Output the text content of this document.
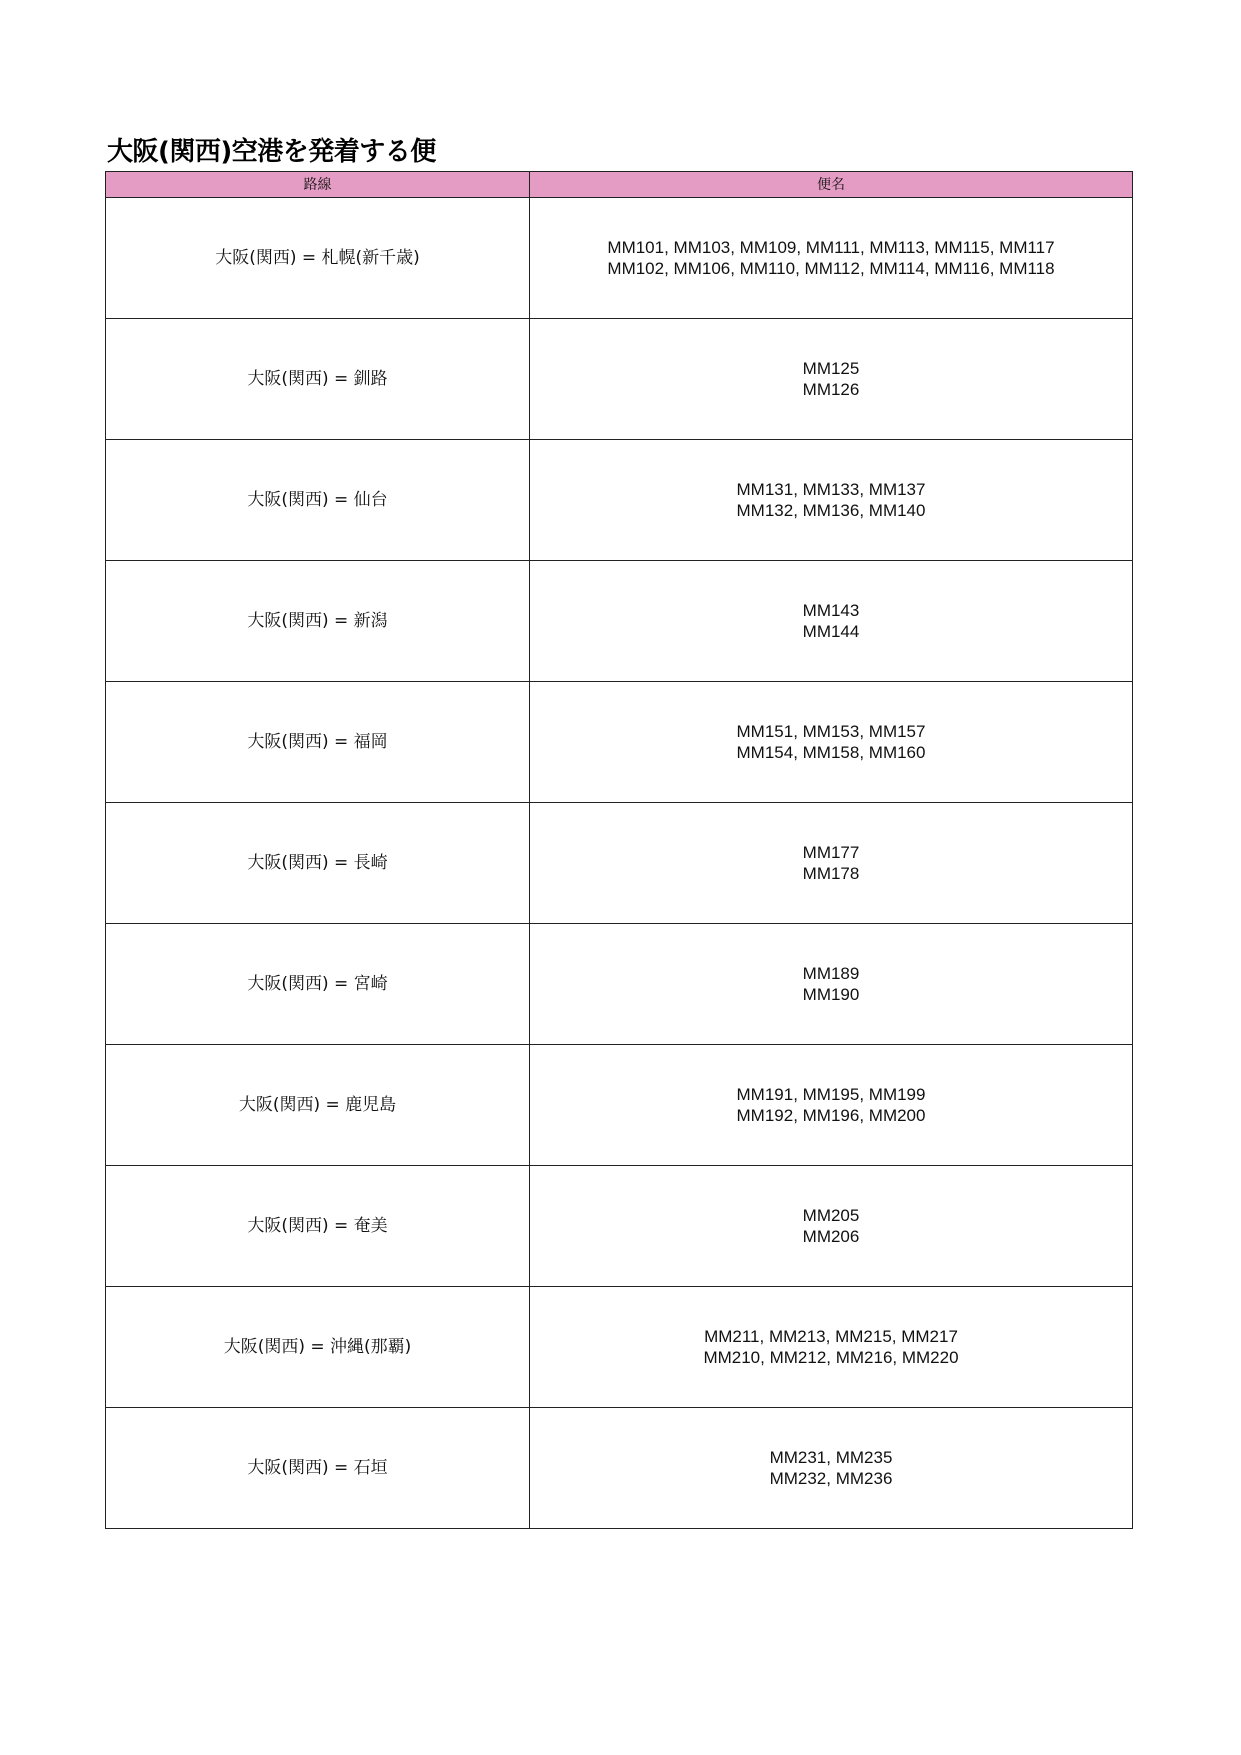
大阪(関西)空港を発着する便
路線	便名
大阪(関西) = 札幌(新千歳)	MM101, MM103, MM109, MM111, MM113, MM115, MM117
MM102, MM106, MM110, MM112, MM114, MM116, MM118

大阪(関西) = 釧路	MM125
MM126

大阪(関西) = 仙台	MM131, MM133, MM137
MM132, MM136, MM140

大阪(関西) = 新潟	MM143
MM144

大阪(関西) = 福岡	MM151, MM153, MM157
MM154, MM158, MM160

大阪(関西) = 長崎	MM177
MM178

大阪(関西) = 宮崎	MM189
MM190

大阪(関西) = 鹿児島	MM191, MM195, MM199
MM192, MM196, MM200

大阪(関西) = 奄美	MM205
MM206

大阪(関西) = 沖縄(那覇)	MM211, MM213, MM215, MM217
MM210, MM212, MM216, MM220

大阪(関西) = 石垣	MM231, MM235
MM232, MM236
